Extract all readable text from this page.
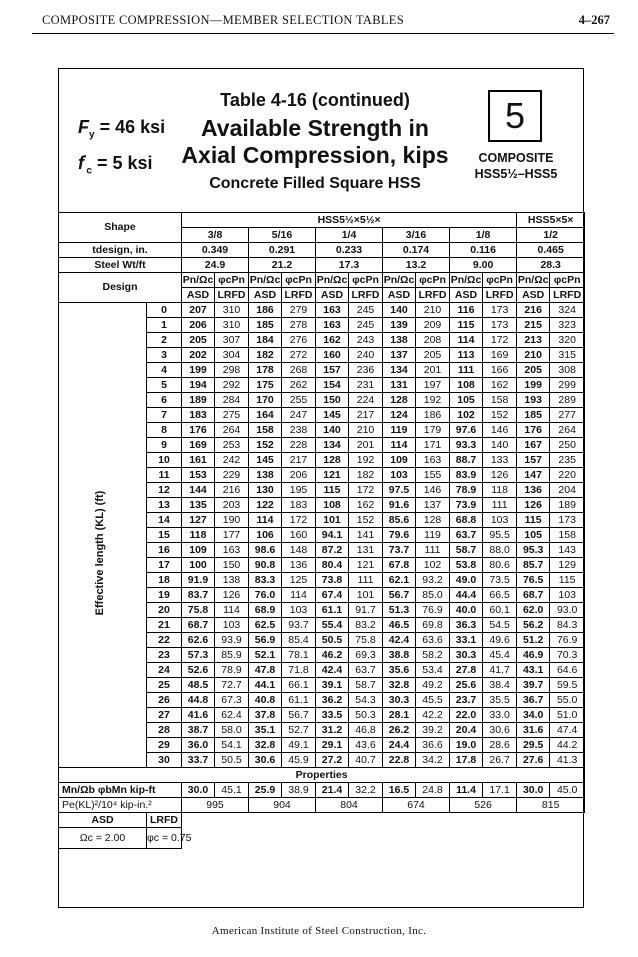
COMPOSITE COMPRESSION—MEMBER SELECTION TABLES	4–267
$F_y = 46$ ksi
$f'_c = 5$ ksi
Table 4-16 (continued)
Available Strength in
Axial Compression, kips
Concrete Filled Square HSS
5
COMPOSITE
HSS5½–HSS5
Shape		HSS5½×5½×										HSS5×5×	
		3/8		5/16		1/4		3/16		1/8		1/2	
tdesign, in.		0.349		0.291		0.233		0.174		0.116		0.465	
Steel Wt/ft		24.9		21.2		17.3		13.2		9.00		28.3	
Design		Pn/Ωc	φcPn	Pn/Ωc	φcPn	Pn/Ωc	φcPn	Pn/Ωc	φcPn	Pn/Ωc	φcPn	Pn/Ωc	φcPn
		ASD	LRFD	ASD	LRFD	ASD	LRFD	ASD	LRFD	ASD	LRFD	ASD	LRFD
	0	207	310	186	279	163	245	140	210	116	173	216	324
	1	206	310	185	278	163	245	139	209	115	173	215	323
	2	205	307	184	276	162	243	138	208	114	172	213	320
	3	202	304	182	272	160	240	137	205	113	169	210	315
	4	199	298	178	268	157	236	134	201	111	166	205	308
	5	194	292	175	262	154	231	131	197	108	162	199	299
	6	189	284	170	255	150	224	128	192	105	158	193	289
	7	183	275	164	247	145	217	124	186	102	152	185	277
	8	176	264	158	238	140	210	119	179	97.6	146	176	264
	9	169	253	152	228	134	201	114	171	93.3	140	167	250
	10	161	242	145	217	128	192	109	163	88.7	133	157	235
	11	153	229	138	206	121	182	103	155	83.9	126	147	220
	12	144	216	130	195	115	172	97.5	146	78.9	118	136	204
	13	135	203	122	183	108	162	91.6	137	73.9	111	126	189
	14	127	190	114	172	101	152	85.6	128	68.8	103	115	173
	15	118	177	106	160	94.1	141	79.6	119	63.7	95.5	105	158
	16	109	163	98.6	148	87.2	131	73.7	111	58.7	88.0	95.3	143
	17	100	150	90.8	136	80.4	121	67.8	102	53.8	80.6	85.7	129
	18	91.9	138	83.3	125	73.8	111	62.1	93.2	49.0	73.5	76.5	115
	19	83.7	126	76.0	114	67.4	101	56.7	85.0	44.4	66.5	68.7	103
	20	75.8	114	68.9	103	61.1	91.7	51.3	76.9	40.0	60.1	62.0	93.0
	21	68.7	103	62.5	93.7	55.4	83.2	46.5	69.8	36.3	54.5	56.2	84.3
	22	62.6	93.9	56.9	85.4	50.5	75.8	42.4	63.6	33.1	49.6	51.2	76.9
	23	57.3	85.9	52.1	78.1	46.2	69.3	38.8	58.2	30.3	45.4	46.9	70.3
	24	52.6	78.9	47.8	71.8	42.4	63.7	35.6	53.4	27.8	41.7	43.1	64.6
	25	48.5	72.7	44.1	66.1	39.1	58.7	32.8	49.2	25.6	38.4	39.7	59.5
	26	44.8	67.3	40.8	61.1	36.2	54.3	30.3	45.5	23.7	35.5	36.7	55.0
	27	41.6	62.4	37.8	56.7	33.5	50.3	28.1	42.2	22.0	33.0	34.0	51.0
	28	38.7	58.0	35.1	52.7	31.2	46.8	26.2	39.2	20.4	30.6	31.6	47.4
	29	36.0	54.1	32.8	49.1	29.1	43.6	24.4	36.6	19.0	28.6	29.5	44.2
	30	33.7	50.5	30.6	45.9	27.2	40.7	22.8	34.2	17.8	26.7	27.6	41.3
Properties													
Mn/Ωb φbMn kip-ft		30.0	45.1	25.9	38.9	21.4	32.2	16.5	24.8	11.4	17.1	30.0	45.0
Pe(KL)²/10⁴ kip-in.²		995		904		804		674		526		815	
ASD	LRFD												
Ωc = 2.00	φc = 0.75												
Effective length (KL) (ft)
American Institute of Steel Construction, Inc.
